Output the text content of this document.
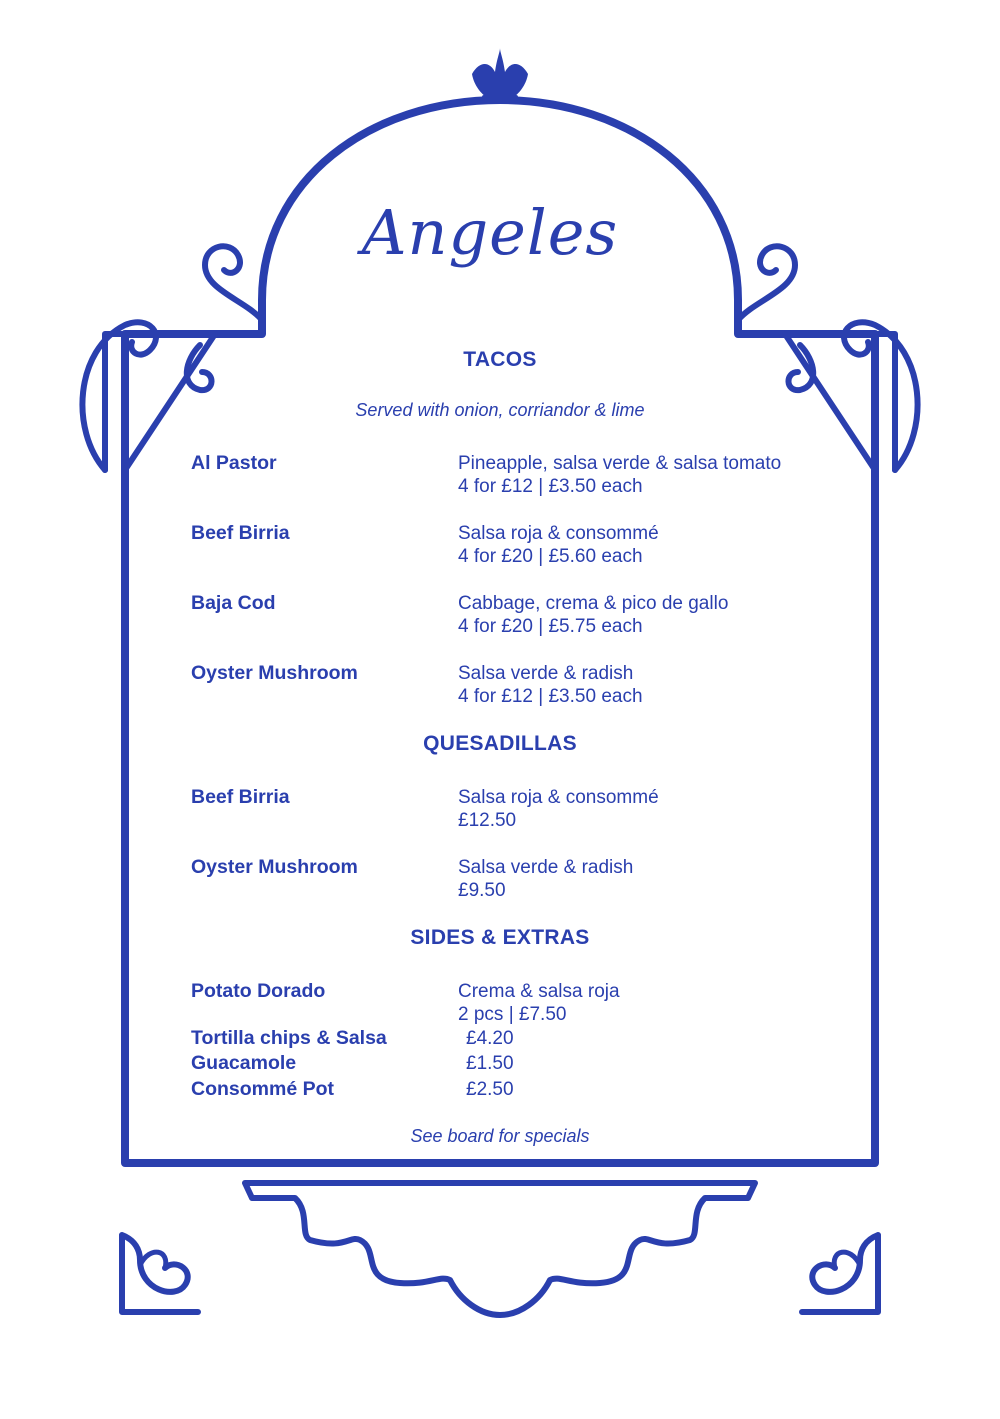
Angeles
TACOS
Served with onion, corriandor & lime
Al Pastor	Pineapple, salsa verde & salsa tomato
4 for £12 | £3.50 each
Beef Birria	Salsa roja & consommé
4 for £20 | £5.60 each
Baja Cod	Cabbage, crema & pico de gallo
4 for £20 | £5.75 each
Oyster Mushroom	Salsa verde & radish
4 for £12 | £3.50 each
QUESADILLAS
Beef Birria	Salsa roja & consommé
£12.50
Oyster Mushroom	Salsa verde & radish
£9.50
SIDES & EXTRAS
Potato Dorado	Crema & salsa roja
2 pcs | £7.50
Tortilla chips & Salsa	£4.20
Guacamole	£1.50
Consommé Pot	£2.50
See board for specials
